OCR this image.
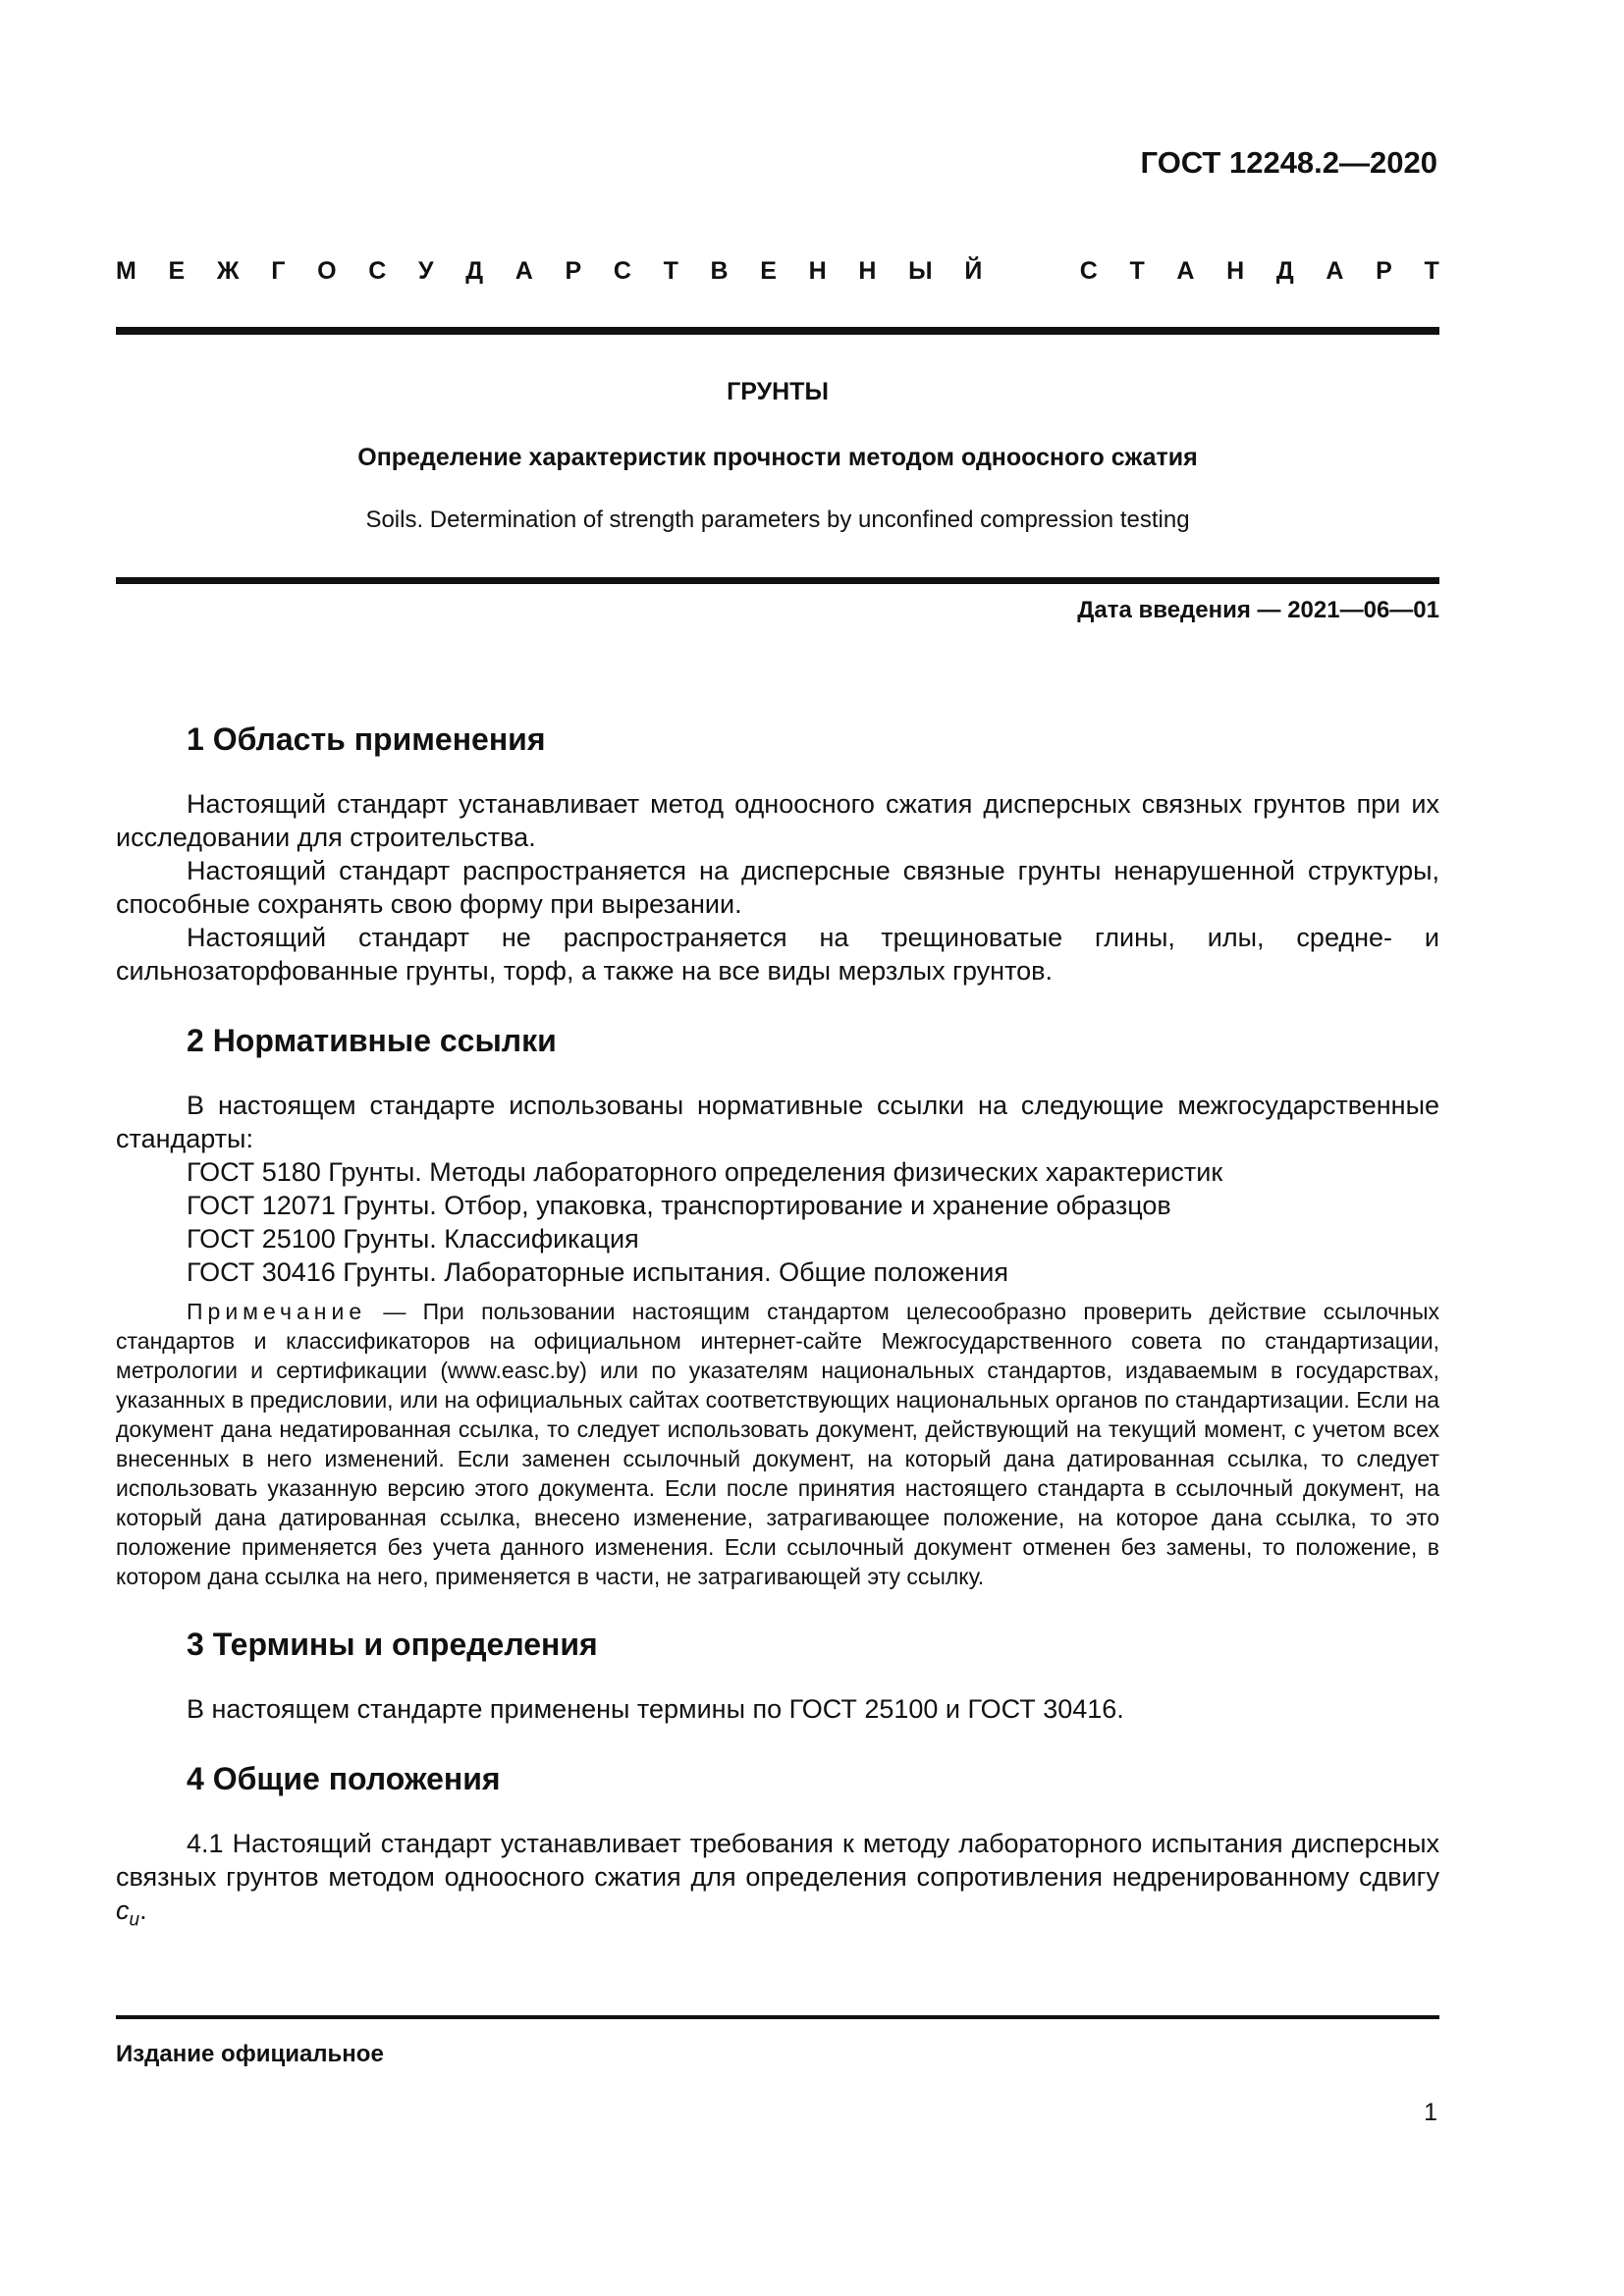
ГОСТ 12248.2—2020
М Е Ж Г О С У Д А Р С Т В Е Н Н Ы Й	С Т А Н Д А Р Т
ГРУНТЫ
Определение характеристик прочности методом одноосного сжатия
Soils. Determination of strength parameters by unconfined compression testing
Дата введения — 2021—06—01
1 Область применения

Настоящий стандарт устанавливает метод одноосного сжатия дисперсных связных грунтов при их исследовании для строительства.

Настоящий стандарт распространяется на дисперсные связные грунты ненарушенной структуры, способные сохранять свою форму при вырезании.

Настоящий стандарт не распространяется на трещиноватые глины, илы, средне- и сильнозаторфованные грунты, торф, а также на все виды мерзлых грунтов.

2 Нормативные ссылки

В настоящем стандарте использованы нормативные ссылки на следующие межгосударственные стандарты:

ГОСТ 5180 Грунты. Методы лабораторного определения физических характеристик

ГОСТ 12071 Грунты. Отбор, упаковка, транспортирование и хранение образцов

ГОСТ 25100 Грунты. Классификация

ГОСТ 30416 Грунты. Лабораторные испытания. Общие положения

Примечание — При пользовании настоящим стандартом целесообразно проверить действие ссылочных стандартов и классификаторов на официальном интернет-сайте Межгосударственного совета по стандартизации, метрологии и сертификации (www.easc.by) или по указателям национальных стандартов, издаваемым в государствах, указанных в предисловии, или на официальных сайтах соответствующих национальных органов по стандартизации. Если на документ дана недатированная ссылка, то следует использовать документ, действующий на текущий момент, с учетом всех внесенных в него изменений. Если заменен ссылочный документ, на который дана датированная ссылка, то следует использовать указанную версию этого документа. Если после принятия настоящего стандарта в ссылочный документ, на который дана датированная ссылка, внесено изменение, затрагивающее положение, на которое дана ссылка, то это положение применяется без учета данного изменения. Если ссылочный документ отменен без замены, то положение, в котором дана ссылка на него, применяется в части, не затрагивающей эту ссылку.

3 Термины и определения

В настоящем стандарте применены термины по ГОСТ 25100 и ГОСТ 30416.

4 Общие положения

4.1 Настоящий стандарт устанавливает требования к методу лабораторного испытания дисперсных связных грунтов методом одноосного сжатия для определения сопротивления недренированному сдвигу $c_u$.

Издание официальное
1
